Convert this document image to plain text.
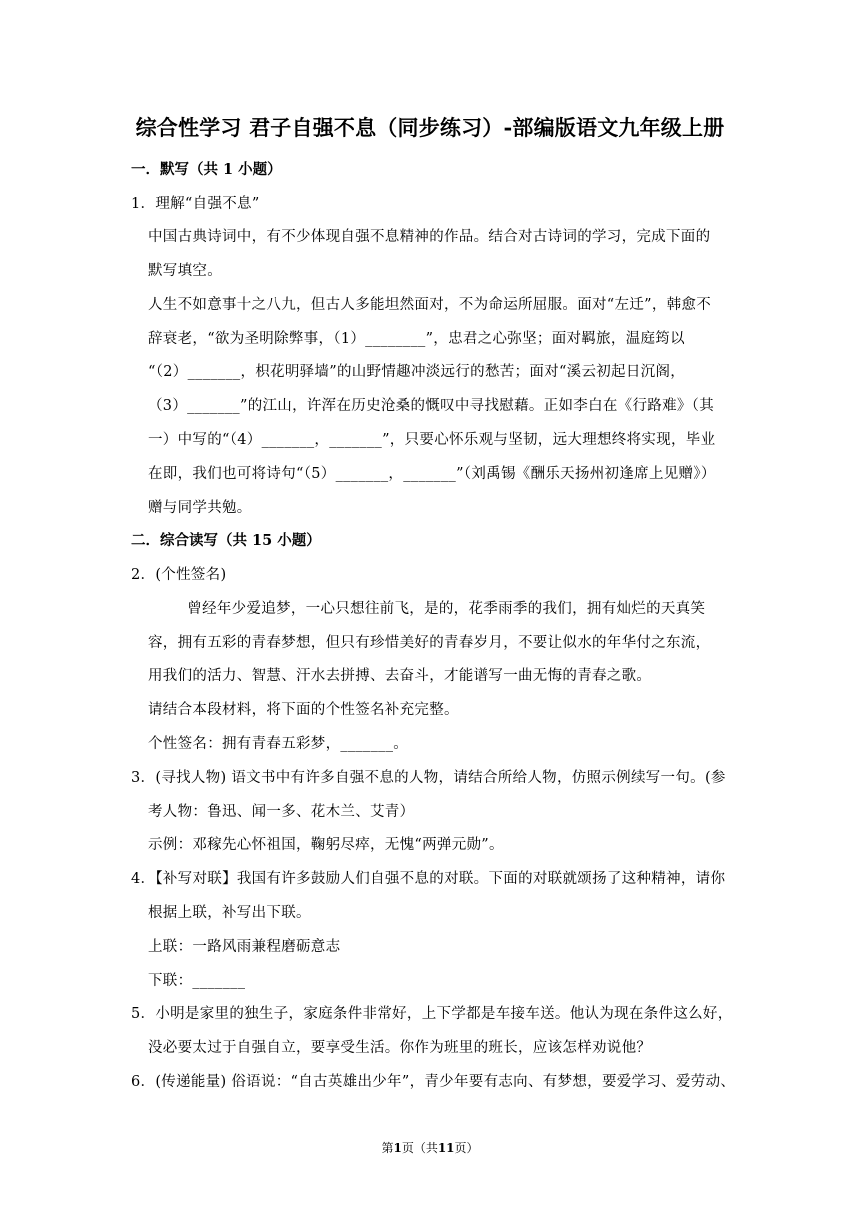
综合性学习 君子自强不息（同步练习）-部编版语文九年级上册
一．默写（共 1 小题）
1．理解“自强不息”
中国古典诗词中，有不少体现自强不息精神的作品。结合对古诗词的学习，完成下面的
默写填空。
人生不如意事十之八九，但古人多能坦然面对，不为命运所屈服。面对“左迁”，韩愈不
辞衰老，“欲为圣明除弊事，（1）________”，忠君之心弥坚；面对羁旅，温庭筠以
“（2）_______，枳花明驿墙”的山野情趣冲淡远行的愁苦；面对“溪云初起日沉阁，
（3）_______”的江山，许浑在历史沧桑的慨叹中寻找慰藉。正如李白在《行路难》（其
一）中写的“（4）_______，_______”，只要心怀乐观与坚韧，远大理想终将实现，毕业
在即，我们也可将诗句“（5）_______，_______”（刘禹锡《酬乐天扬州初逢席上见赠》）
赠与同学共勉。
二．综合读写（共 15 小题）
2．(个性签名)
曾经年少爱追梦，一心只想往前飞，是的，花季雨季的我们，拥有灿烂的天真笑
容，拥有五彩的青春梦想，但只有珍惜美好的青春岁月，不要让似水的年华付之东流，
用我们的活力、智慧、汗水去拼搏、去奋斗，才能谱写一曲无悔的青春之歌。
请结合本段材料，将下面的个性签名补充完整。
个性签名：拥有青春五彩梦，_______。
3．(寻找人物) 语文书中有许多自强不息的人物，请结合所给人物，仿照示例续写一句。(参
考人物：鲁迅、闻一多、花木兰、艾青）
示例：邓稼先心怀祖国，鞠躬尽瘁，无愧“两弹元勋”。
4．【补写对联】我国有许多鼓励人们自强不息的对联。下面的对联就颂扬了这种精神，请你
根据上联，补写出下联。
上联：一路风雨兼程磨砺意志
下联：_______
5．小明是家里的独生子，家庭条件非常好，上下学都是车接车送。他认为现在条件这么好，
没必要太过于自强自立，要享受生活。你作为班里的班长，应该怎样劝说他？
6．(传递能量) 俗语说：“自古英雄出少年”，青少年要有志向、有梦想，要爱学习、爱劳动、
第1页（共11页）
